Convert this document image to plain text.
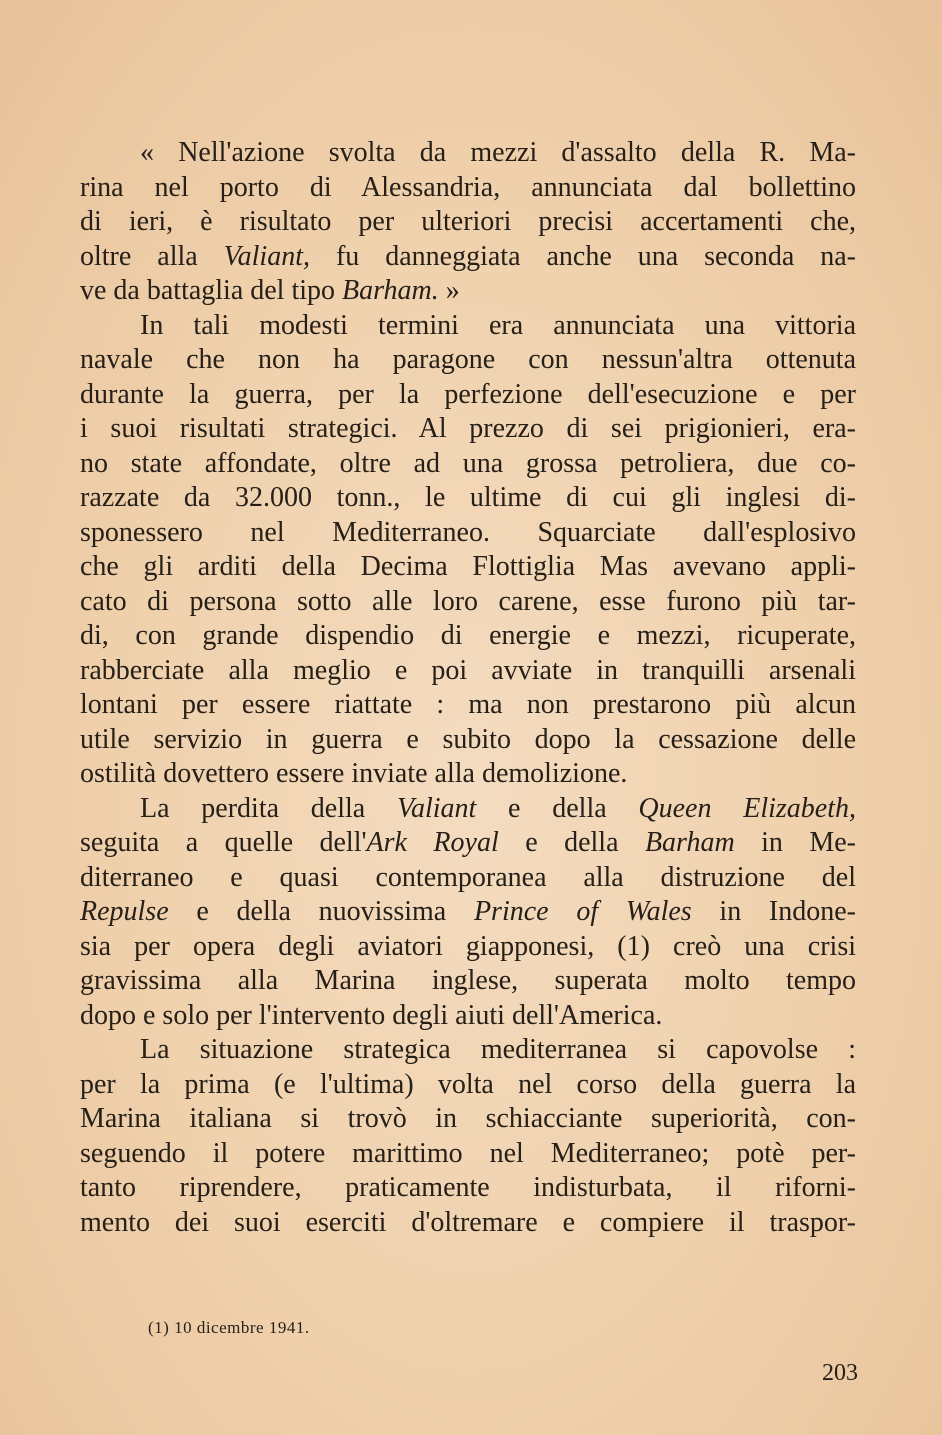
« Nell'azione svolta da mezzi d'assalto della R. Ma-
rina nel porto di Alessandria, annunciata dal bollettino
di ieri, è risultato per ulteriori precisi accertamenti che,
oltre alla Valiant, fu danneggiata anche una seconda na-
ve da battaglia del tipo Barham. »
In tali modesti termini era annunciata una vittoria
navale che non ha paragone con nessun'altra ottenuta
durante la guerra, per la perfezione dell'esecuzione e per
i suoi risultati strategici. Al prezzo di sei prigionieri, era-
no state affondate, oltre ad una grossa petroliera, due co-
razzate da 32.000 tonn., le ultime di cui gli inglesi di-
sponessero nel Mediterraneo. Squarciate dall'esplosivo
che gli arditi della Decima Flottiglia Mas avevano appli-
cato di persona sotto alle loro carene, esse furono più tar-
di, con grande dispendio di energie e mezzi, ricuperate,
rabberciate alla meglio e poi avviate in tranquilli arsenali
lontani per essere riattate : ma non prestarono più alcun
utile servizio in guerra e subito dopo la cessazione delle
ostilità dovettero essere inviate alla demolizione.
La perdita della Valiant e della Queen Elizabeth,
seguita a quelle dell'Ark Royal e della Barham in Me-
diterraneo e quasi contemporanea alla distruzione del
Repulse e della nuovissima Prince of Wales in Indone-
sia per opera degli aviatori giapponesi, (1) creò una crisi
gravissima alla Marina inglese, superata molto tempo
dopo e solo per l'intervento degli aiuti dell'America.
La situazione strategica mediterranea si capovolse :
per la prima (e l'ultima) volta nel corso della guerra la
Marina italiana si trovò in schiacciante superiorità, con-
seguendo il potere marittimo nel Mediterraneo; potè per-
tanto riprendere, praticamente indisturbata, il riforni-
mento dei suoi eserciti d'oltremare e compiere il traspor-
(1) 10 dicembre 1941.
203
